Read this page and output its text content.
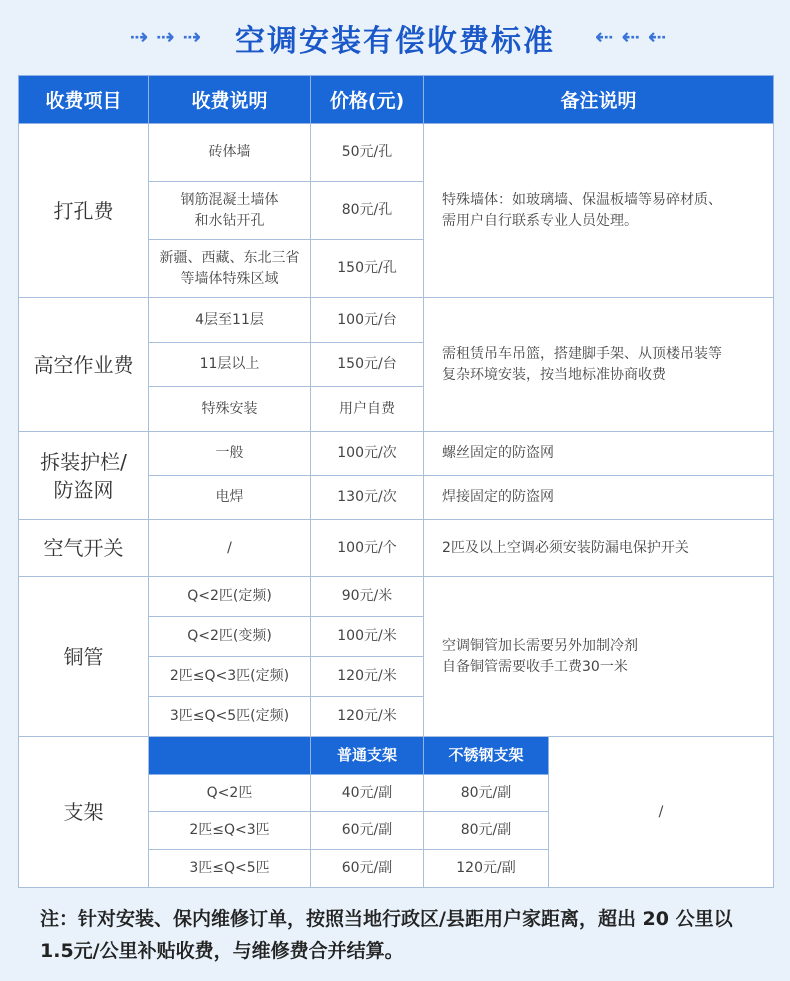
⇢ ⇢ ⇢ 空调安装有偿收费标准 ⇠ ⇠ ⇠
收费项目	收费说明	价格(元)	备注说明	
打孔费	砖体墙	50元/孔	特殊墙体：如玻璃墙、保温板墙等易碎材质、
需用户自行联系专业人员处理。	
	钢筋混凝土墙体
和水钻开孔	80元/孔		
	新疆、西藏、东北三省
等墙体特殊区域	150元/孔		
高空作业费	4层至11层	100元/台	需租赁吊车吊篮，搭建脚手架、从顶楼吊装等
复杂环境安装，按当地标准协商收费	
	11层以上	150元/台		
	特殊安装	用户自费		
拆装护栏/
防盗网	一般	100元/次	螺丝固定的防盗网	
	电焊	130元/次	焊接固定的防盗网	
空气开关	/	100元/个	2匹及以上空调必须安装防漏电保护开关	
铜管	Q<2匹(定频)	90元/米	空调铜管加长需要另外加制冷剂
自备铜管需要收手工费30一米	
	Q<2匹(变频)	100元/米		
	2匹≤Q<3匹(定频)	120元/米		
	3匹≤Q<5匹(定频)	120元/米		
支架		普通支架	不锈钢支架	/
	Q<2匹	40元/副	80元/副	
	2匹≤Q<3匹	60元/副	80元/副	
	3匹≤Q<5匹	60元/副	120元/副	
注：针对安装、保内维修订单，按照当地行政区/县距用户家距离，超出 20 公里以 1.5元/公里补贴收费，与维修费合并结算。
